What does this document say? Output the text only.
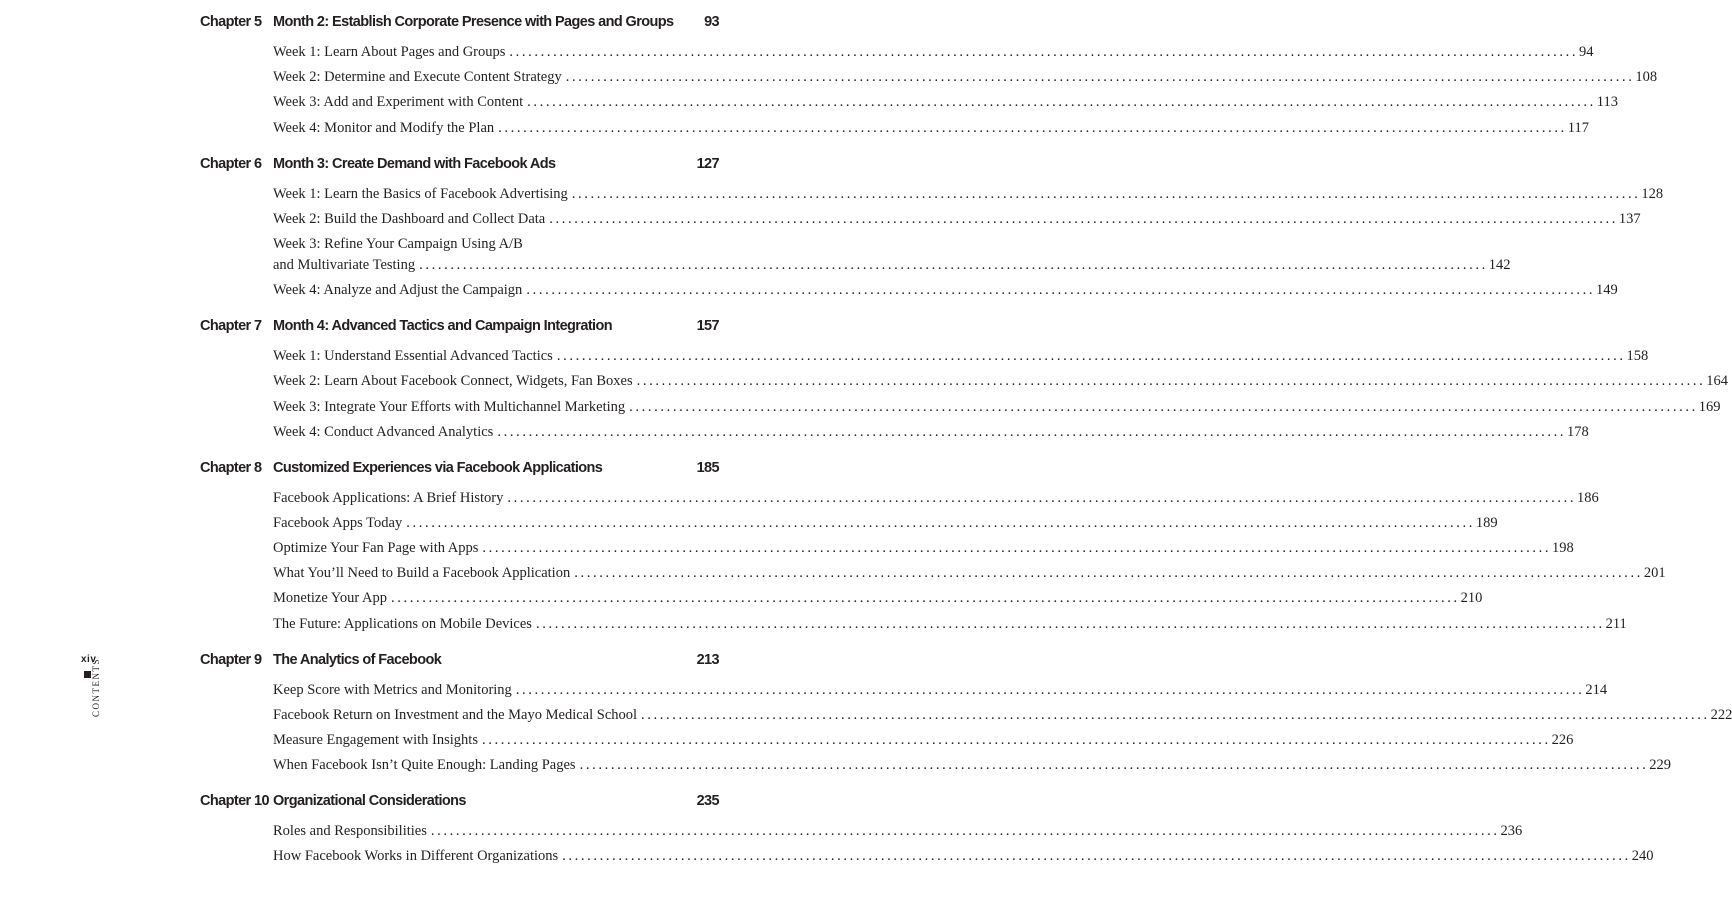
xiv
CONTENTS
Chapter 5 Month 2: Establish Corporate Presence with Pages and Groups	93
Week 1: Learn About Pages and Groups . . .	94
Week 2: Determine and Execute Content Strategy . . .	108
Week 3: Add and Experiment with Content . . .	113
Week 4: Monitor and Modify the Plan . . .	117
Chapter 6 Month 3: Create Demand with Facebook Ads	127
Week 1: Learn the Basics of Facebook Advertising . . .	128
Week 2: Build the Dashboard and Collect Data . . .	137
Week 3: Refine Your Campaign Using A/B
and Multivariate Testing . . .	142
Week 4: Analyze and Adjust the Campaign . . .	149
Chapter 7 Month 4: Advanced Tactics and Campaign Integration	157
Week 1: Understand Essential Advanced Tactics . . .	158
Week 2: Learn About Facebook Connect, Widgets, Fan Boxes . . .	164
Week 3: Integrate Your Efforts with Multichannel Marketing . . .	169
Week 4: Conduct Advanced Analytics . . .	178
Chapter 8 Customized Experiences via Facebook Applications	185
Facebook Applications: A Brief History . . .	186
Facebook Apps Today . . .	189
Optimize Your Fan Page with Apps . . .	198
What You’ll Need to Build a Facebook Application . . .	201
Monetize Your App . . .	210
The Future: Applications on Mobile Devices . . .	211
Chapter 9 The Analytics of Facebook	213
Keep Score with Metrics and Monitoring . . .	214
Facebook Return on Investment and the Mayo Medical School . . .	222
Measure Engagement with Insights . . .	226
When Facebook Isn’t Quite Enough: Landing Pages . . .	229
Chapter 10 Organizational Considerations	235
Roles and Responsibilities . . .	236
How Facebook Works in Different Organizations . . .	240
